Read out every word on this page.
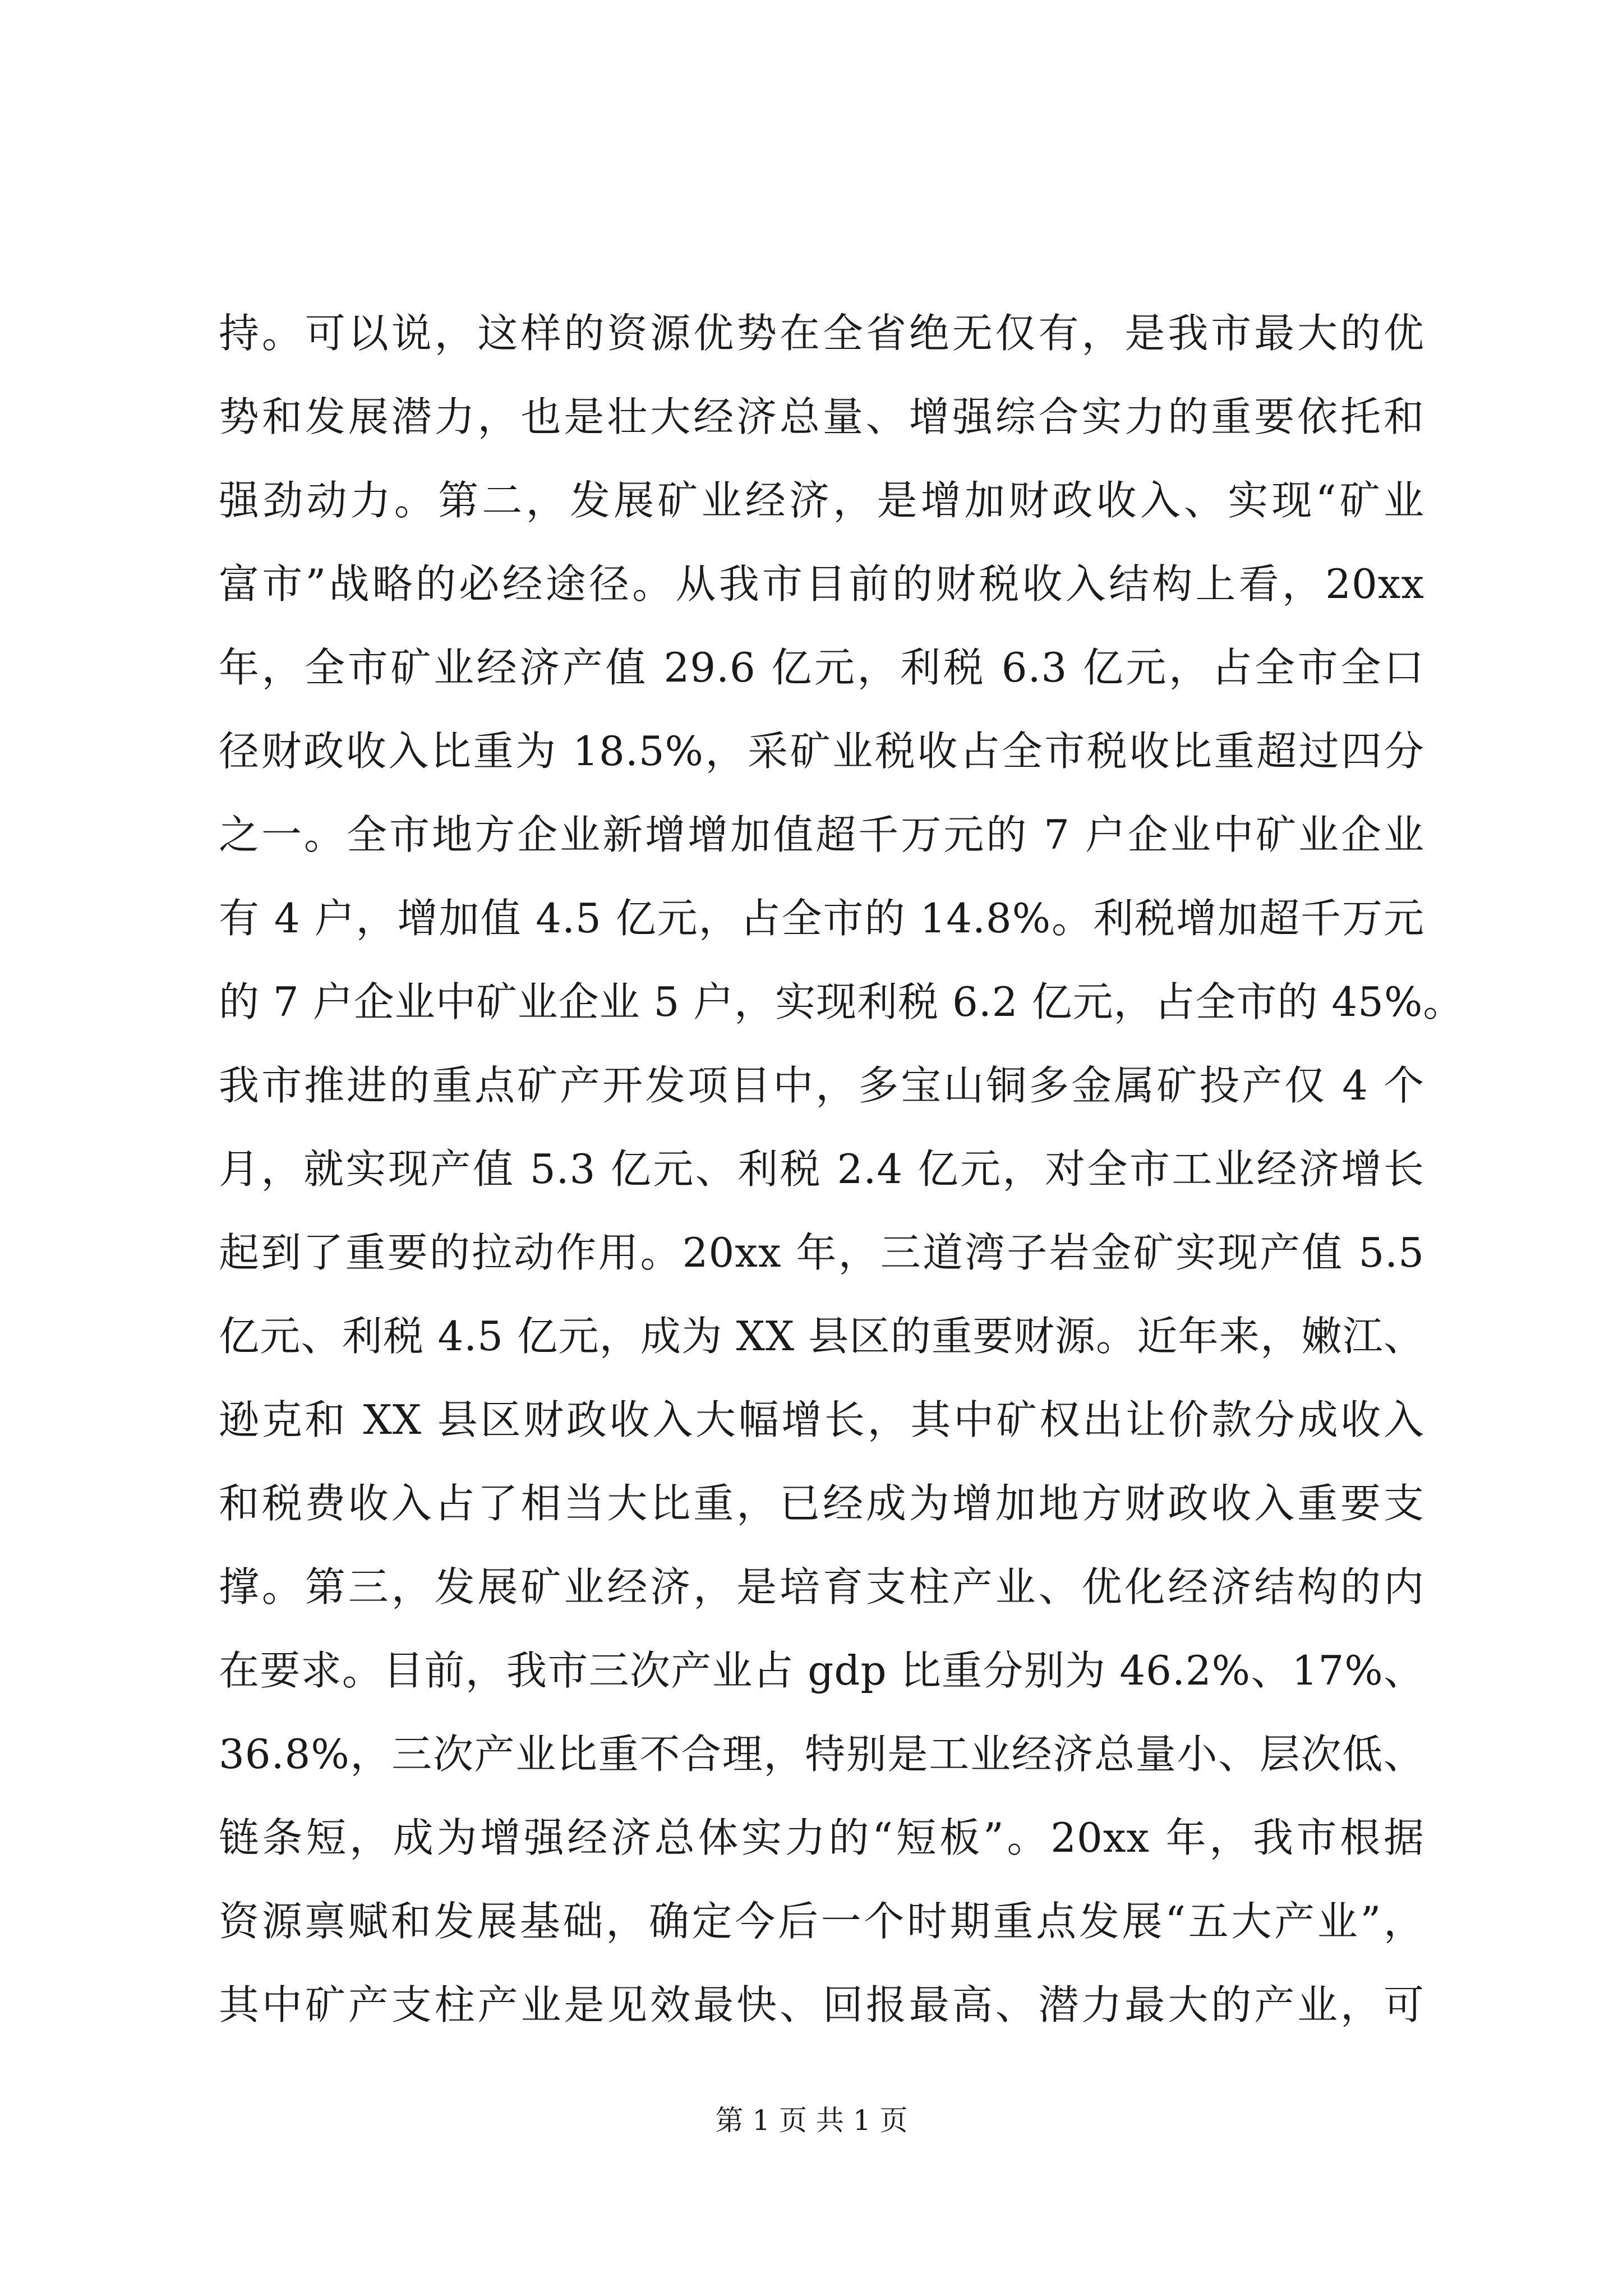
持。可以说，这样的资源优势在全省绝无仅有，是我市最大的优
势和发展潜力，也是壮大经济总量、增强综合实力的重要依托和
强劲动力。第二，发展矿业经济，是增加财政收入、实现“矿业
富市”战略的必经途径。从我市目前的财税收入结构上看，20xx
年，全市矿业经济产值 29.6 亿元，利税 6.3 亿元，占全市全口
径财政收入比重为 18.5%，采矿业税收占全市税收比重超过四分
之一。全市地方企业新增增加值超千万元的 7 户企业中矿业企业
有 4 户，增加值 4.5 亿元，占全市的 14.8%。利税增加超千万元
的 7 户企业中矿业企业 5 户，实现利税 6.2 亿元，占全市的 45%。
我市推进的重点矿产开发项目中，多宝山铜多金属矿投产仅 4 个
月，就实现产值 5.3 亿元、利税 2.4 亿元，对全市工业经济增长
起到了重要的拉动作用。20xx 年，三道湾子岩金矿实现产值 5.5
亿元、利税 4.5 亿元，成为 XX 县区的重要财源。近年来，嫩江、
逊克和 XX 县区财政收入大幅增长，其中矿权出让价款分成收入
和税费收入占了相当大比重，已经成为增加地方财政收入重要支
撑。第三，发展矿业经济，是培育支柱产业、优化经济结构的内
在要求。目前，我市三次产业占 gdp 比重分别为 46.2%、17%、
36.8%，三次产业比重不合理，特别是工业经济总量小、层次低、
链条短，成为增强经济总体实力的“短板”。20xx 年，我市根据
资源禀赋和发展基础，确定今后一个时期重点发展“五大产业”，
其中矿产支柱产业是见效最快、回报最高、潜力最大的产业，可
第 1 页 共 1 页
